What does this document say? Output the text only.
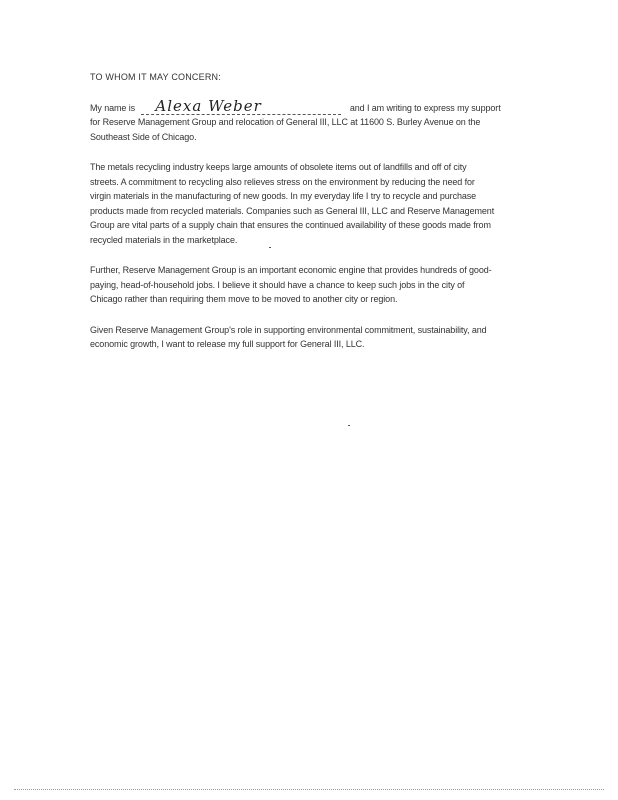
TO WHOM IT MAY CONCERN:
My name is Alexa Weber	and I am writing to express my support

for Reserve Management Group and relocation of General III, LLC at 11600 S. Burley Avenue on the

Southeast Side of Chicago.

The metals recycling industry keeps large amounts of obsolete items out of landfills and off of city

streets. A commitment to recycling also relieves stress on the environment by reducing the need for

virgin materials in the manufacturing of new goods. In my everyday life I try to recycle and purchase

products made from recycled materials. Companies such as General III, LLC and Reserve Management

Group are vital parts of a supply chain that ensures the continued availability of these goods made from

recycled materials in the marketplace.

Further, Reserve Management Group is an important economic engine that provides hundreds of good-

paying, head-of-household jobs. I believe it should have a chance to keep such jobs in the city of

Chicago rather than requiring them move to be moved to another city or region.

Given Reserve Management Group's role in supporting environmental commitment, sustainability, and

economic growth, I want to release my full support for General III, LLC.
